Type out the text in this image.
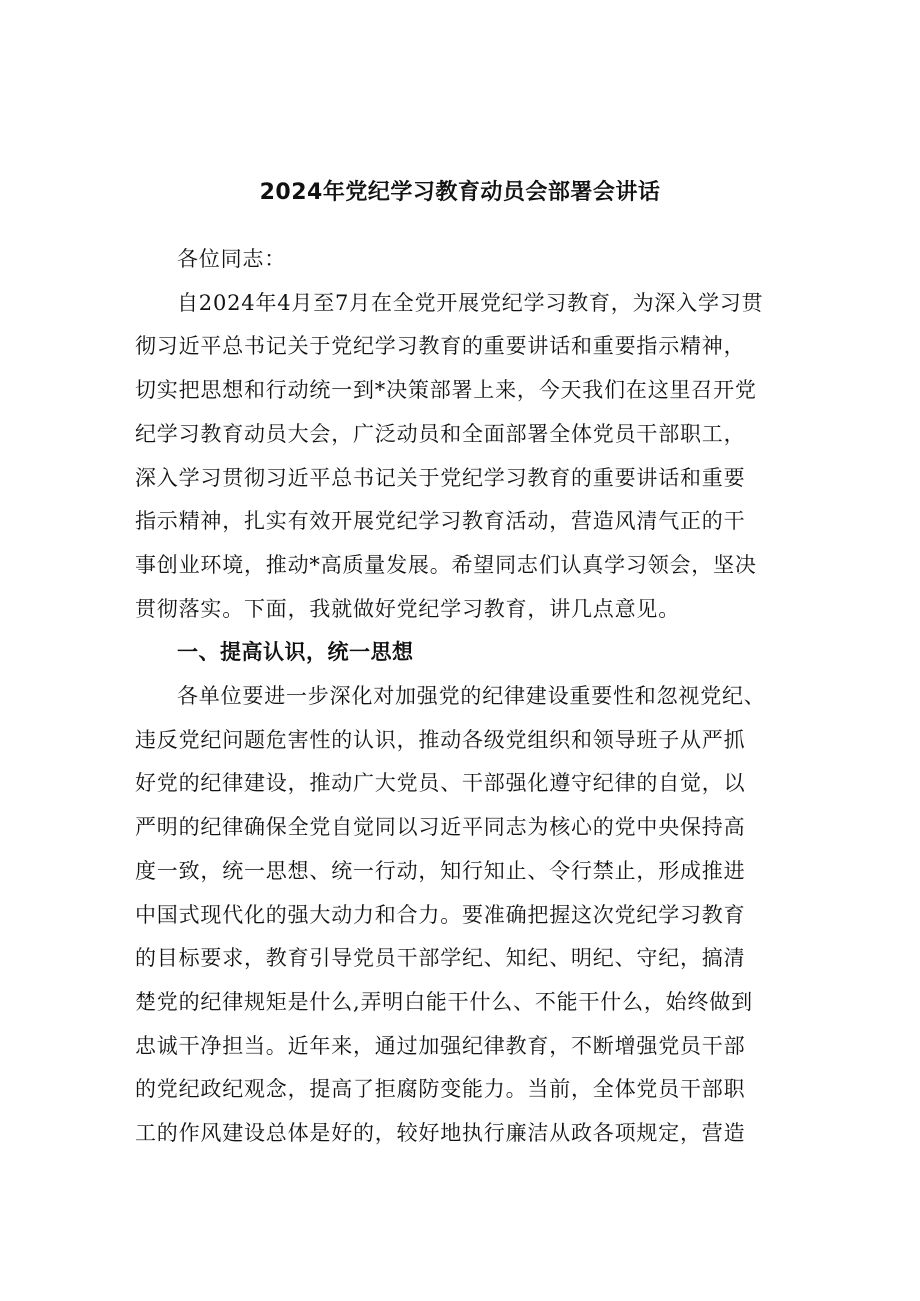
2024年党纪学习教育动员会部署会讲话

各位同志：

自2024年4月至7月在全党开展党纪学习教育，为深入学习贯
彻习近平总书记关于党纪学习教育的重要讲话和重要指示精神，
切实把思想和行动统一到*决策部署上来，今天我们在这里召开党
纪学习教育动员大会，广泛动员和全面部署全体党员干部职工，
深入学习贯彻习近平总书记关于党纪学习教育的重要讲话和重要
指示精神，扎实有效开展党纪学习教育活动，营造风清气正的干
事创业环境，推动*高质量发展。希望同志们认真学习领会，坚决
贯彻落实。下面，我就做好党纪学习教育，讲几点意见。

一、提高认识，统一思想

各单位要进一步深化对加强党的纪律建设重要性和忽视党纪、
违反党纪问题危害性的认识，推动各级党组织和领导班子从严抓
好党的纪律建设，推动广大党员、干部强化遵守纪律的自觉，以
严明的纪律确保全党自觉同以习近平同志为核心的党中央保持高
度一致，统一思想、统一行动，知行知止、令行禁止，形成推进
中国式现代化的强大动力和合力。要准确把握这次党纪学习教育
的目标要求，教育引导党员干部学纪、知纪、明纪、守纪，搞清
楚党的纪律规矩是什么,弄明白能干什么、不能干什么，始终做到
忠诚干净担当。近年来，通过加强纪律教育，不断增强党员干部
的党纪政纪观念，提高了拒腐防变能力。当前，全体党员干部职
工的作风建设总体是好的，较好地执行廉洁从政各项规定，营造
